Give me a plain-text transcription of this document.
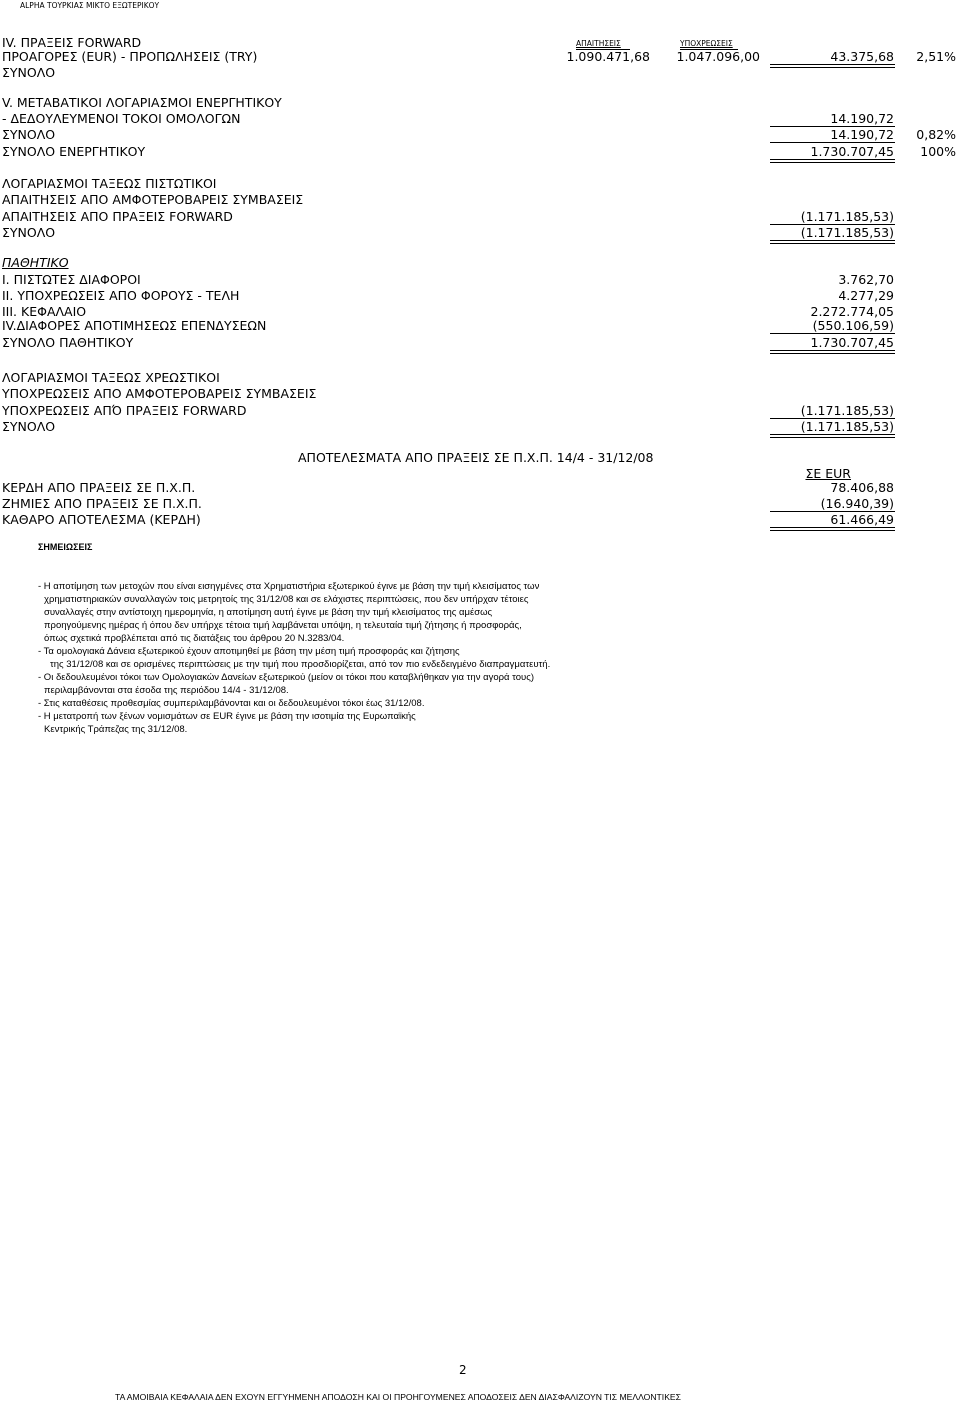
ALPHA ΤΟΥΡΚΙΑΣ ΜΙΚΤΟ ΕΞΩΤΕΡΙΚΟΥ
IV. ΠΡΑΞΕΙΣ FORWARD	ΑΠΑΙΤΗΣΕΙΣ	ΥΠΟΧΡΕΩΣΕΙΣ
ΠΡΟΑΓΟΡΕΣ (EUR) - ΠΡΟΠΩΛΗΣΕΙΣ (TRY)	1.090.471,68	1.047.096,00	43.375,68	2,51%
ΣΥΝΟΛΟ
V. ΜΕΤΑΒΑΤΙΚΟΙ ΛΟΓΑΡΙΑΣΜΟΙ ΕΝΕΡΓΗΤΙΚΟΥ
- ΔΕΔΟΥΛΕΥΜΕΝΟΙ ΤΟΚΟΙ ΟΜΟΛΟΓΩΝ	14.190,72
ΣΥΝΟΛΟ	14.190,72	0,82%
ΣΥΝΟΛΟ ΕΝΕΡΓΗΤΙΚΟΥ	1.730.707,45	100%
ΛΟΓΑΡΙΑΣΜΟΙ ΤΑΞΕΩΣ ΠΙΣΤΩΤΙΚΟΙ
ΑΠΑΙΤΗΣΕΙΣ ΑΠΟ ΑΜΦΟΤΕΡΟΒΑΡΕΙΣ ΣΥΜΒΑΣΕΙΣ
ΑΠΑΙΤΗΣΕΙΣ ΑΠΟ ΠΡΑΞΕΙΣ FORWARD	(1.171.185,53)
ΣΥΝΟΛΟ	(1.171.185,53)
ΠΑΘΗΤΙΚΟ
Ι. ΠΙΣΤΩΤΕΣ ΔΙΑΦΟΡΟΙ	3.762,70
ΙΙ. ΥΠΟΧΡΕΩΣΕΙΣ ΑΠΟ ΦΟΡΟΥΣ - ΤΕΛΗ	4.277,29
ΙΙΙ. ΚΕΦΑΛΑΙΟ	2.272.774,05
IV.ΔΙΑΦΟΡΕΣ ΑΠΟΤΙΜΗΣΕΩΣ ΕΠΕΝΔΥΣΕΩΝ	(550.106,59)
ΣΥΝΟΛΟ ΠΑΘΗΤΙΚΟΥ	1.730.707,45
ΛΟΓΑΡΙΑΣΜΟΙ ΤΑΞΕΩΣ ΧΡΕΩΣΤΙΚΟΙ
ΥΠΟΧΡΕΩΣΕΙΣ ΑΠΟ ΑΜΦΟΤΕΡΟΒΑΡΕΙΣ ΣΥΜΒΑΣΕΙΣ
ΥΠΟΧΡΕΩΣΕΙΣ ΑΠΌ ΠΡΑΞΕΙΣ FORWARD	(1.171.185,53)
ΣΥΝΟΛΟ	(1.171.185,53)
ΑΠΟΤΕΛΕΣΜΑΤΑ ΑΠΟ ΠΡΑΞΕΙΣ ΣΕ Π.Χ.Π. 14/4 - 31/12/08
ΣΕ EUR
ΚΕΡΔΗ ΑΠΟ ΠΡΑΞΕΙΣ ΣΕ Π.Χ.Π.	78.406,88
ΖΗΜΙΕΣ ΑΠΟ ΠΡΑΞΕΙΣ ΣΕ Π.Χ.Π.	(16.940,39)
ΚΑΘΑΡΟ ΑΠΟΤΕΛΕΣΜΑ (ΚΕΡΔΗ)	61.466,49
ΣΗΜΕΙΩΣΕΙΣ
- Η αποτίμηση των μετοχών που είναι εισηγμένες στα Χρηματιστήρια εξωτερικού έγινε με βάση την τιμή κλεισίματος των
χρηματιστηριακών συναλλαγών τοις μετρητοίς της 31/12/08 και σε ελάχιστες περιπτώσεις, που δεν υπήρχαν τέτοιες
συναλλαγές στην αντίστοιχη ημερομηνία, η αποτίμηση αυτή έγινε με βάση την τιμή κλεισίματος της αμέσως
προηγούμενης ημέρας ή όπου δεν υπήρχε τέτοια τιμή λαμβάνεται υπόψη, η τελευταία τιμή ζήτησης ή προσφοράς,
όπως σχετικά προβλέπεται από τις διατάξεις του άρθρου 20 Ν.3283/04.
- Τα ομολογιακά Δάνεια εξωτερικού έχουν αποτιμηθεί με βάση την μέση τιμή προσφοράς και ζήτησης
της 31/12/08 και σε ορισμένες περιπτώσεις με την τιμή που προσδιορίζεται, από τον πιο ενδεδειγμένο διαπραγματευτή.
- Οι δεδουλευμένοι τόκοι των Ομολογιακών Δανείων εξωτερικού (μείον οι τόκοι που καταβλήθηκαν για την αγορά τους)
περιλαμβάνονται στα έσοδα της περιόδου 14/4 - 31/12/08.
- Στις καταθέσεις προθεσμίας συμπεριλαμβάνονται και οι δεδουλευμένοι τόκοι έως 31/12/08.
- Η μετατροπή των ξένων νομισμάτων σε EUR έγινε με βάση την ισοτιμία της Ευρωπαϊκής
Κεντρικής Τράπεζας της 31/12/08.
2
ΤΑ ΑΜΟΙΒΑΙΑ ΚΕΦΑΛΑΙΑ ΔΕΝ ΕΧΟΥΝ ΕΓΓΥΗΜΕΝΗ ΑΠΟΔΟΣΗ ΚΑΙ ΟΙ ΠΡΟΗΓΟΥΜΕΝΕΣ ΑΠΟΔΟΣΕΙΣ ΔΕΝ ΔΙΑΣΦΑΛΙΖΟΥΝ ΤΙΣ ΜΕΛΛΟΝΤΙΚΕΣ
